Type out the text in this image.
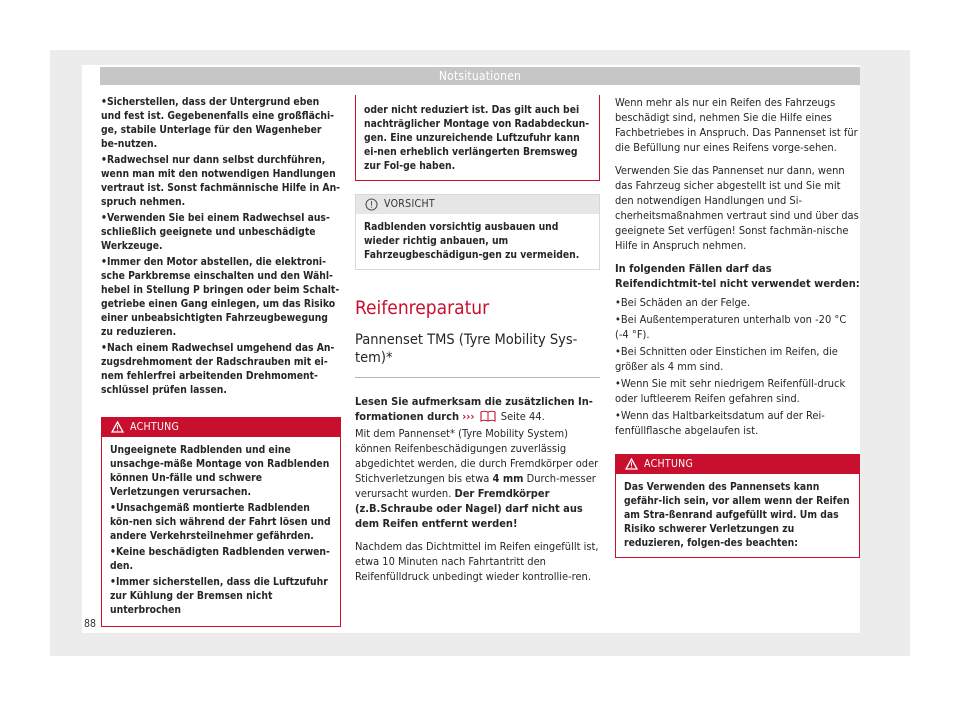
Notsituationen

•Sicherstellen, dass der Untergrund eben und fest ist. Gegebenenfalls eine großflächi-ge, stabile Unterlage für den Wagenheber be-nutzen.

•Radwechsel nur dann selbst durchführen, wenn man mit den notwendigen Handlungen vertraut ist. Sonst fachmännische Hilfe in An-spruch nehmen.

•Verwenden Sie bei einem Radwechsel aus-schließlich geeignete und unbeschädigte Werkzeuge.

•Immer den Motor abstellen, die elektroni-sche Parkbremse einschalten und den Wähl-hebel in Stellung P bringen oder beim Schalt-getriebe einen Gang einlegen, um das Risiko einer unbeabsichtigten Fahrzeugbewegung zu reduzieren.

•Nach einem Radwechsel umgehend das An-zugsdrehmoment der Radschrauben mit ei-nem fehlerfrei arbeitenden Drehmoment-schlüssel prüfen lassen.

ACHTUNG

Ungeeignete Radblenden und eine unsachge-mäße Montage von Radblenden können Un-fälle und schwere Verletzungen verursachen.

•Unsachgemäß montierte Radblenden kön-nen sich während der Fahrt lösen und andere Verkehrsteilnehmer gefährden.

•Keine beschädigten Radblenden verwen-den.

•Immer sicherstellen, dass die Luftzufuhr zur Kühlung der Bremsen nicht unterbrochen

oder nicht reduziert ist. Das gilt auch bei nachträglicher Montage von Radabdeckun-gen. Eine unzureichende Luftzufuhr kann ei-nen erheblich verlängerten Bremsweg zur Fol-ge haben.
VORSICHT
Radblenden vorsichtig ausbauen und wieder richtig anbauen, um Fahrzeugbeschädigun-gen zu vermeiden.
Reifenreparatur
Pannenset TMS (Tyre Mobility Sys-tem)*
Lesen Sie aufmerksam die zusätzlichen In-formationen durch ››› Seite 44.

Mit dem Pannenset* (Tyre Mobility System) können Reifenbeschädigungen zuverlässig abgedichtet werden, die durch Fremdkörper oder Stichverletzungen bis etwa 4 mm Durch-messer verursacht wurden. Der Fremdkörper (z.B.Schraube oder Nagel) darf nicht aus dem Reifen entfernt werden!

Nachdem das Dichtmittel im Reifen eingefüllt ist, etwa 10 Minuten nach Fahrtantritt den Reifenfülldruck unbedingt wieder kontrollie-ren.

Wenn mehr als nur ein Reifen des Fahrzeugs beschädigt sind, nehmen Sie die Hilfe eines Fachbetriebes in Anspruch. Das Pannenset ist für die Befüllung nur eines Reifens vorge-sehen.

Verwenden Sie das Pannenset nur dann, wenn das Fahrzeug sicher abgestellt ist und Sie mit den notwendigen Handlungen und Si-cherheitsmaßnahmen vertraut sind und über das geeignete Set verfügen! Sonst fachmän-nische Hilfe in Anspruch nehmen.

In folgenden Fällen darf das Reifendichtmit-tel nicht verwendet werden:

•Bei Schäden an der Felge.

•Bei Außentemperaturen unterhalb von -20 °C (-4 °F).

•Bei Schnitten oder Einstichen im Reifen, die größer als 4 mm sind.

•Wenn Sie mit sehr niedrigem Reifenfüll-druck oder luftleerem Reifen gefahren sind.

•Wenn das Haltbarkeitsdatum auf der Rei-fenfüllflasche abgelaufen ist.

ACHTUNG
Das Verwenden des Pannensets kann gefähr-lich sein, vor allem wenn der Reifen am Stra-ßenrand aufgefüllt wird. Um das Risiko schwerer Verletzungen zu reduzieren, folgen-des beachten:
88
